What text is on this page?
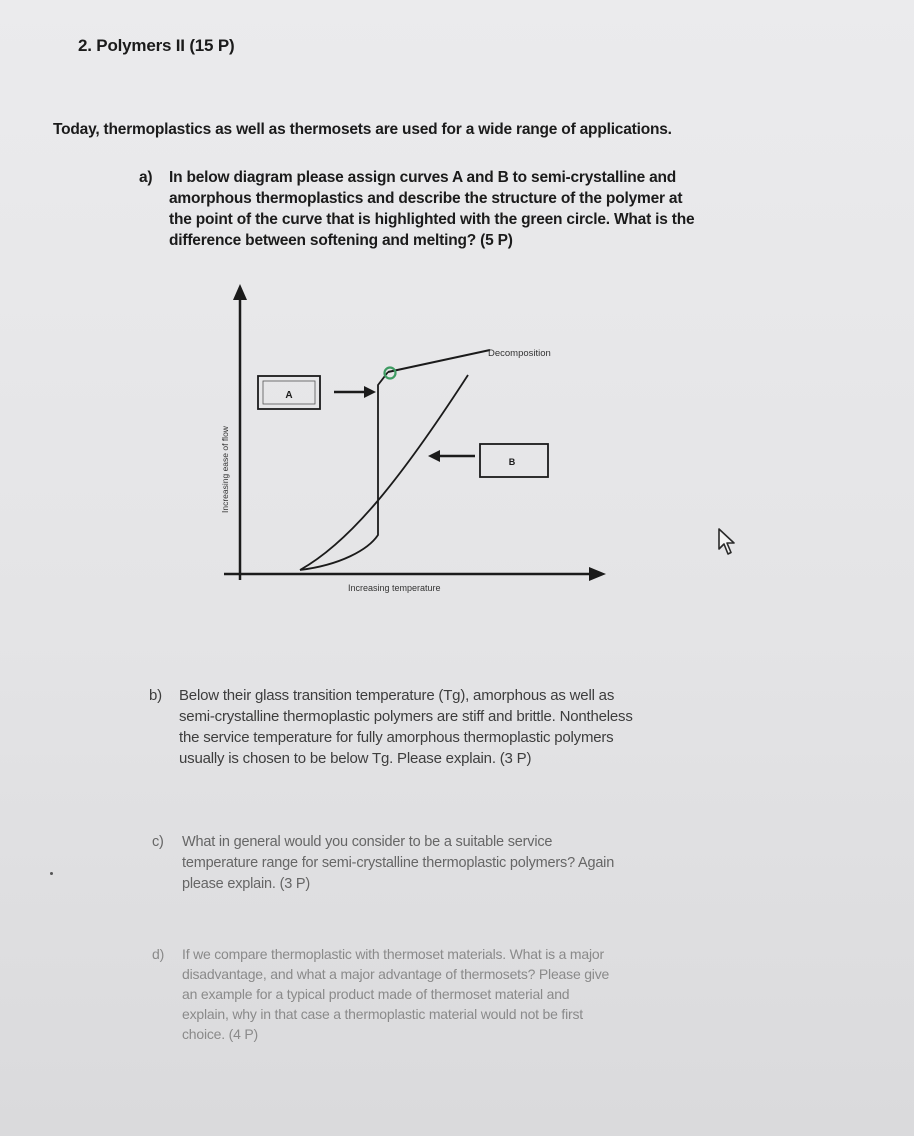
2. Polymers II (15 P)
Today, thermoplastics as well as thermosets are used for a wide range of applications.
a) In below diagram please assign curves A and B to semi-crystalline and
amorphous thermoplastics and describe the structure of the polymer at
the point of the curve that is highlighted with the green circle. What is the
difference between softening and melting? (5 P)
Increasing ease of flow
Increasing temperature
Decomposition
A
B
b) Below their glass transition temperature (Tg), amorphous as well as
semi-crystalline thermoplastic polymers are stiff and brittle. Nontheless
the service temperature for fully amorphous thermoplastic polymers
usually is chosen to be below Tg. Please explain. (3 P)
c) What in general would you consider to be a suitable service
temperature range for semi-crystalline thermoplastic polymers? Again
please explain. (3 P)
d) If we compare thermoplastic with thermoset materials. What is a major
disadvantage, and what a major advantage of thermosets? Please give
an example for a typical product made of thermoset material and
explain, why in that case a thermoplastic material would not be first
choice. (4 P)
